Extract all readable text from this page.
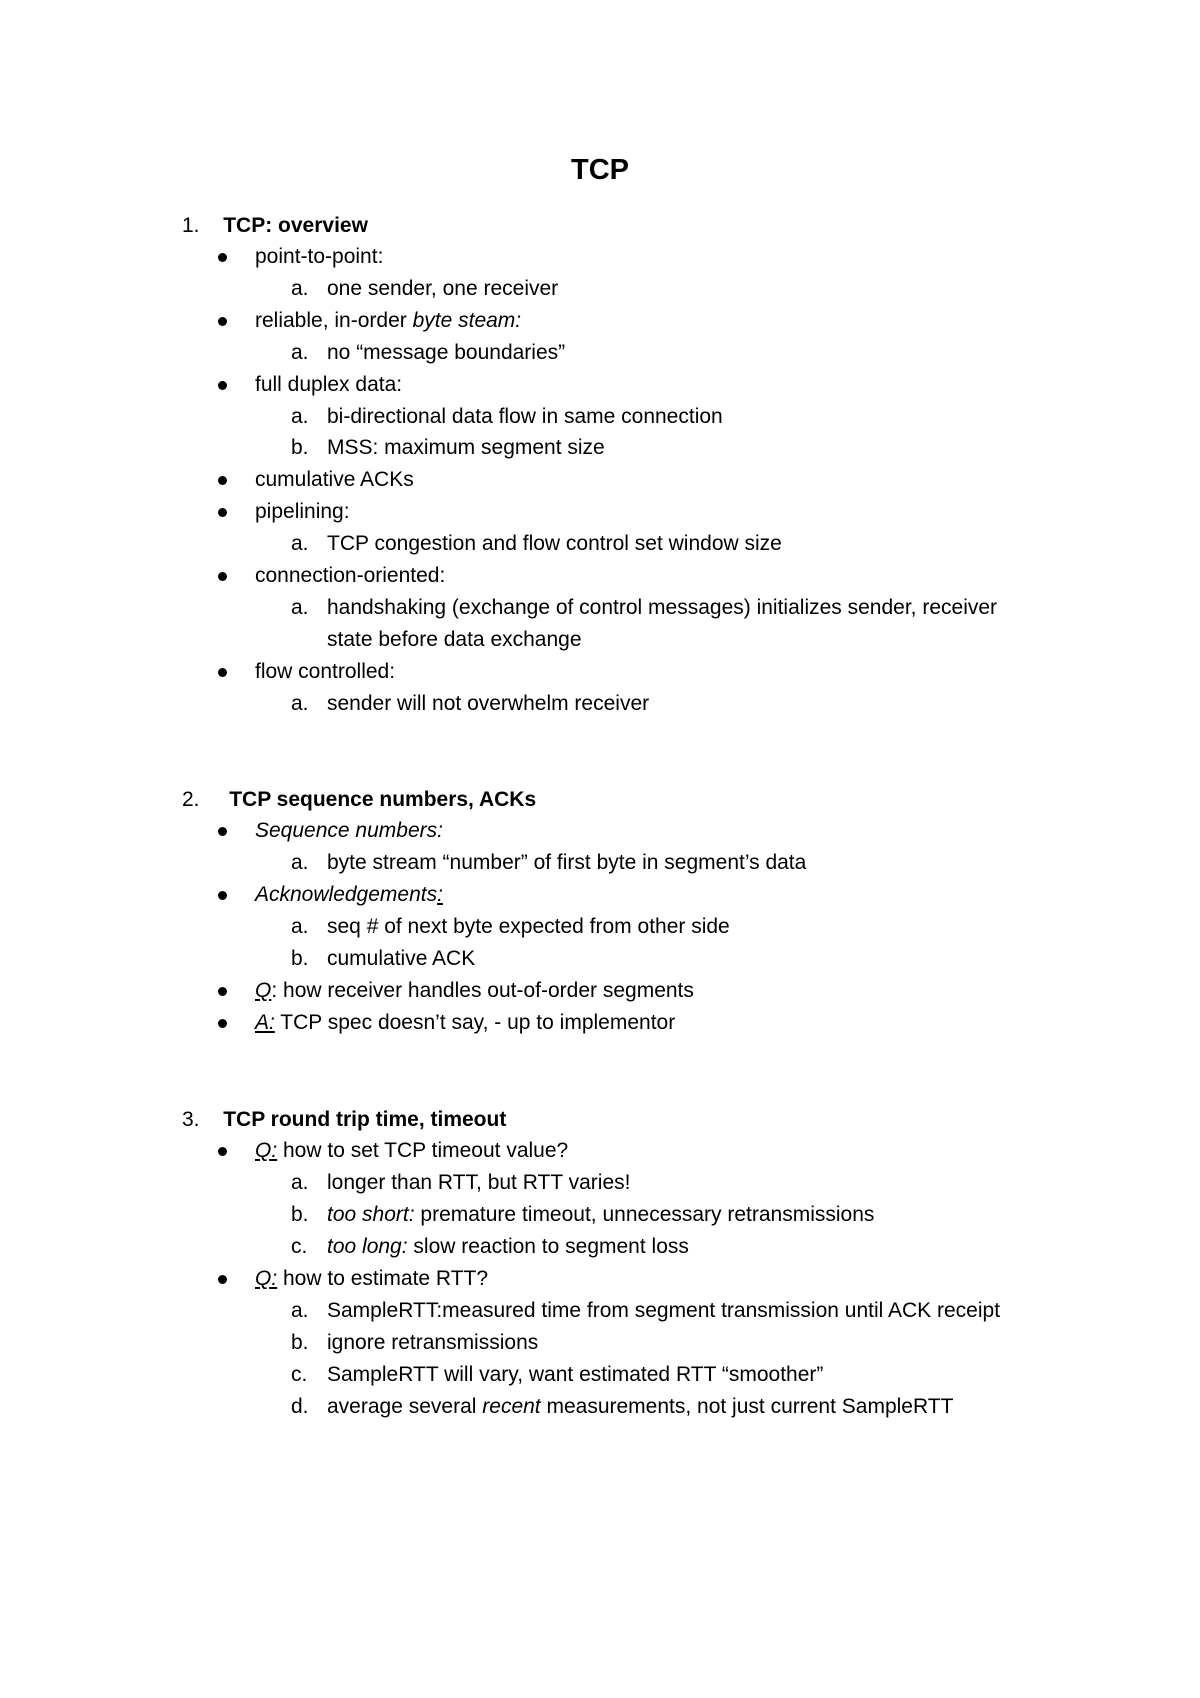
TCP
1. TCP: overview
point-to-point:
a. one sender, one receiver
reliable, in-order byte steam:
a. no “message boundaries”
full duplex data:
a. bi-directional data flow in same connection
b. MSS: maximum segment size
cumulative ACKs
pipelining:
a. TCP congestion and flow control set window size
connection-oriented:
a. handshaking (exchange of control messages) initializes sender, receiver
state before data exchange
flow controlled:
a. sender will not overwhelm receiver
2. TCP sequence numbers, ACKs
Sequence numbers:
a. byte stream “number” of first byte in segment’s data
Acknowledgements:
a. seq # of next byte expected from other side
b. cumulative ACK
Q: how receiver handles out-of-order segments
A: TCP spec doesn’t say, - up to implementor
3. TCP round trip time, timeout
Q: how to set TCP timeout value?
a. longer than RTT, but RTT varies!
b. too short: premature timeout, unnecessary retransmissions
c. too long: slow reaction to segment loss
Q: how to estimate RTT?
a. SampleRTT:measured time from segment transmission until ACK receipt
b. ignore retransmissions
c. SampleRTT will vary, want estimated RTT “smoother”
d. average several recent measurements, not just current SampleRTT
